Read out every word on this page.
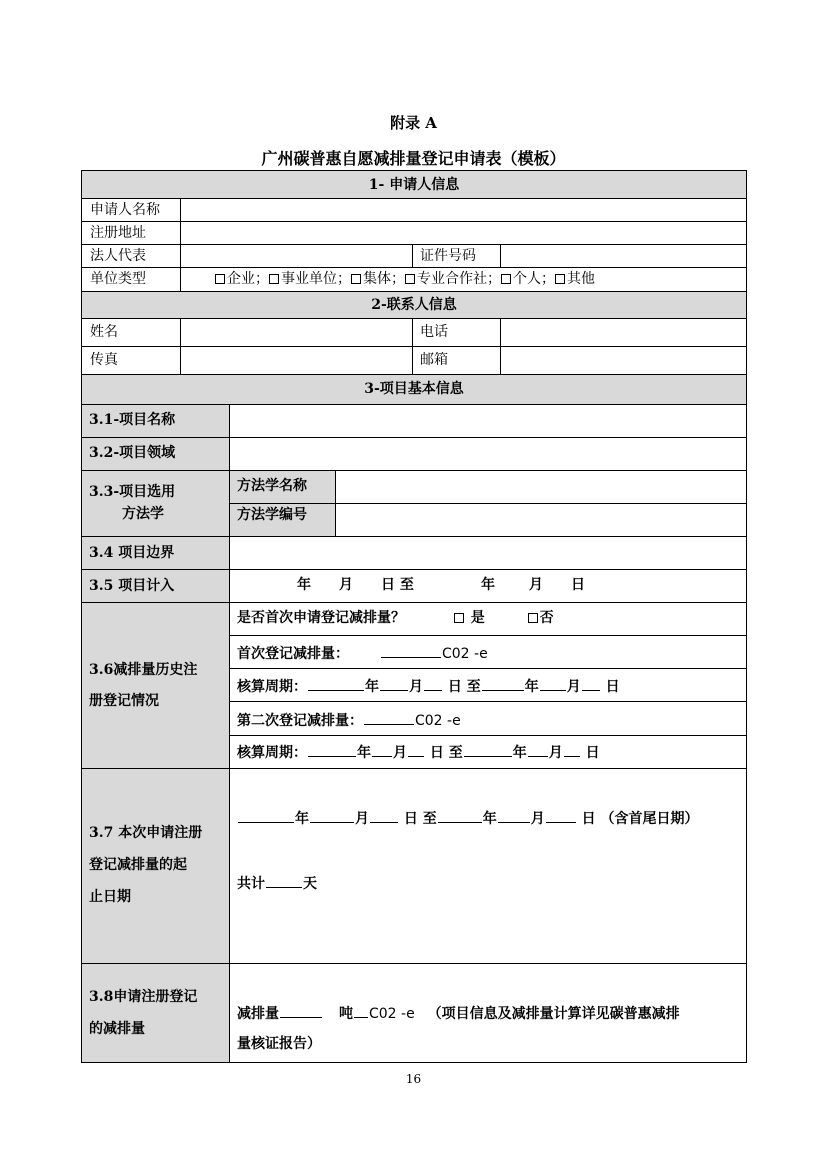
附录 A
广州碳普惠自愿减排量登记申请表（模板）
1- 申请人信息
申请人名称
注册地址
法人代表	证件号码
单位类型	企业； 事业单位； 集体； 专业合作社； 个人； 其他
2-联系人信息
姓名	电话
传真	邮箱
3-项目基本信息
3.1-项目名称
3.2-项目领域
3.3-项目选用
方法学
方法学名称
方法学编号
3.4 项目边界
3.5 项目计入	年 月 日 至	年 月 日
3.6减排量历史注
册登记情况
是否首次申请登记减排量？	是	否
首次登记减排量：	C02 -e
核算周期：	年 月 日 至	年 月 日
第二次登记减排量：	C02 -e
核算周期：	年 月 日 至	年 月 日
3.7 本次申请注册
登记减排量的起
止日期
年	月 日 至	年 月	日 （含首尾日期）
共计	天
3.8申请注册登记
的减排量
减排量	吨 C02 -e （项目信息及减排量计算详见碳普惠减排
量核证报告）
16
